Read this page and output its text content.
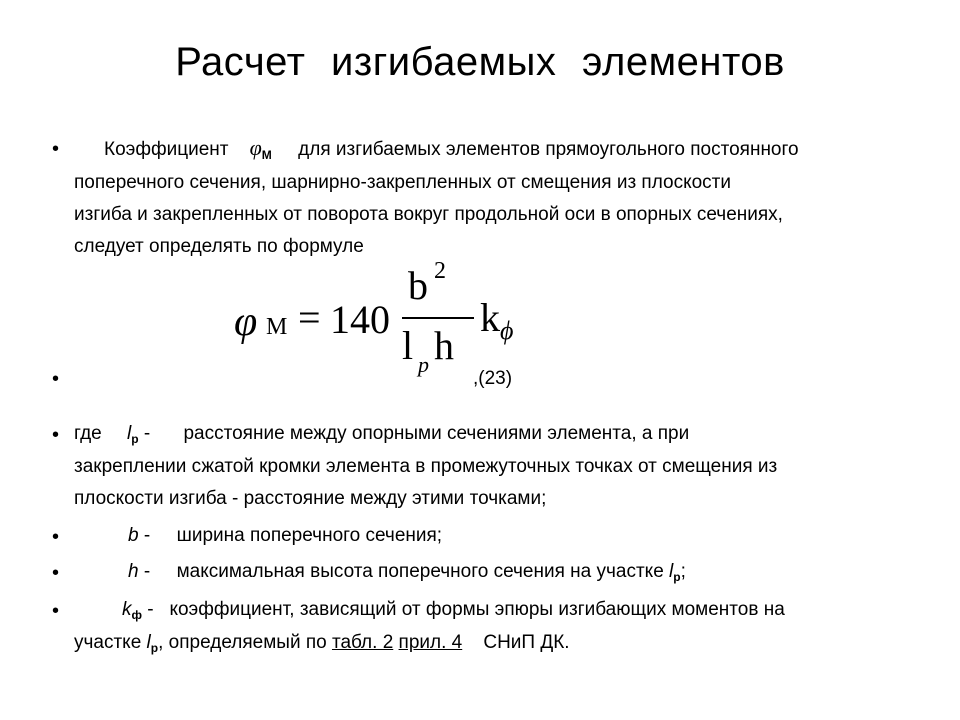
Расчет изгибаемых элементов
•	Коэффициент $\varphi_М$ для изгибаемых элементов прямоугольного постоянного
поперечного сечения, шарнирно-закрепленных от смещения из плоскости
изгиба и закрепленных от поворота вокруг продольной оси в опорных сечениях,
следует определять по формуле
φ M = 140
b 2
l p h
k ϕ
•	,(23)
• где $l_р$ - расстояние между опорными сечениями элемента, а при
закреплении сжатой кромки элемента в промежуточных точках от смещения из
плоскости изгиба - расстояние между этими точками;
•	b - ширина поперечного сечения;
•	h - максимальная высота поперечного сечения на участке $l_р$;
•	$k_ф$ - коэффициент, зависящий от формы эпюры изгибающих моментов на
участке $l_р$, определяемый по табл. 2 прил. 4 СНиП ДК.
